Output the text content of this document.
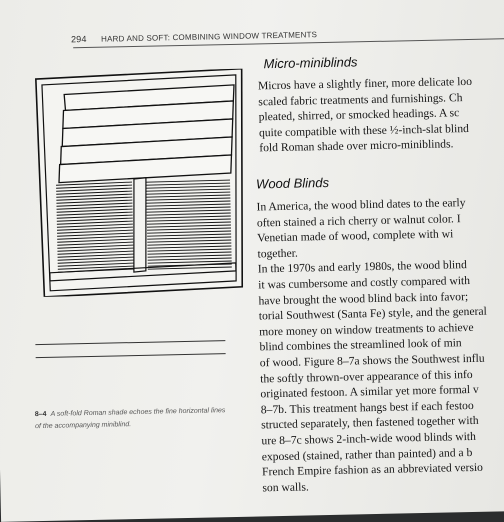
294 HARD AND SOFT: COMBINING WINDOW TREATMENTS
8–4 A soft-fold Roman shade echoes the fine horizontal lines
of the accompanying miniblind.
Micro-miniblinds

Micros have a slightly finer, more delicate loo

scaled fabric treatments and furnishings. Ch

pleated, shirred, or smocked headings. A sc

quite compatible with these ½-inch-slat blind

fold Roman shade over micro-miniblinds.

Wood Blinds

In America, the wood blind dates to the early

often stained a rich cherry or walnut color. I

Venetian made of wood, complete with wi

together.

In the 1970s and early 1980s, the wood blind

it was cumbersome and costly compared with

have brought the wood blind back into favor;

torial Southwest (Santa Fe) style, and the general

more money on window treatments to achieve

blind combines the streamlined look of min

of wood. Figure 8–7a shows the Southwest influ

the softly thrown-over appearance of this info

originated festoon. A similar yet more formal v

8–7b. This treatment hangs best if each festoo

structed separately, then fastened together with

ure 8–7c shows 2-inch-wide wood blinds with

exposed (stained, rather than painted) and a b

French Empire fashion as an abbreviated versio

son walls.
